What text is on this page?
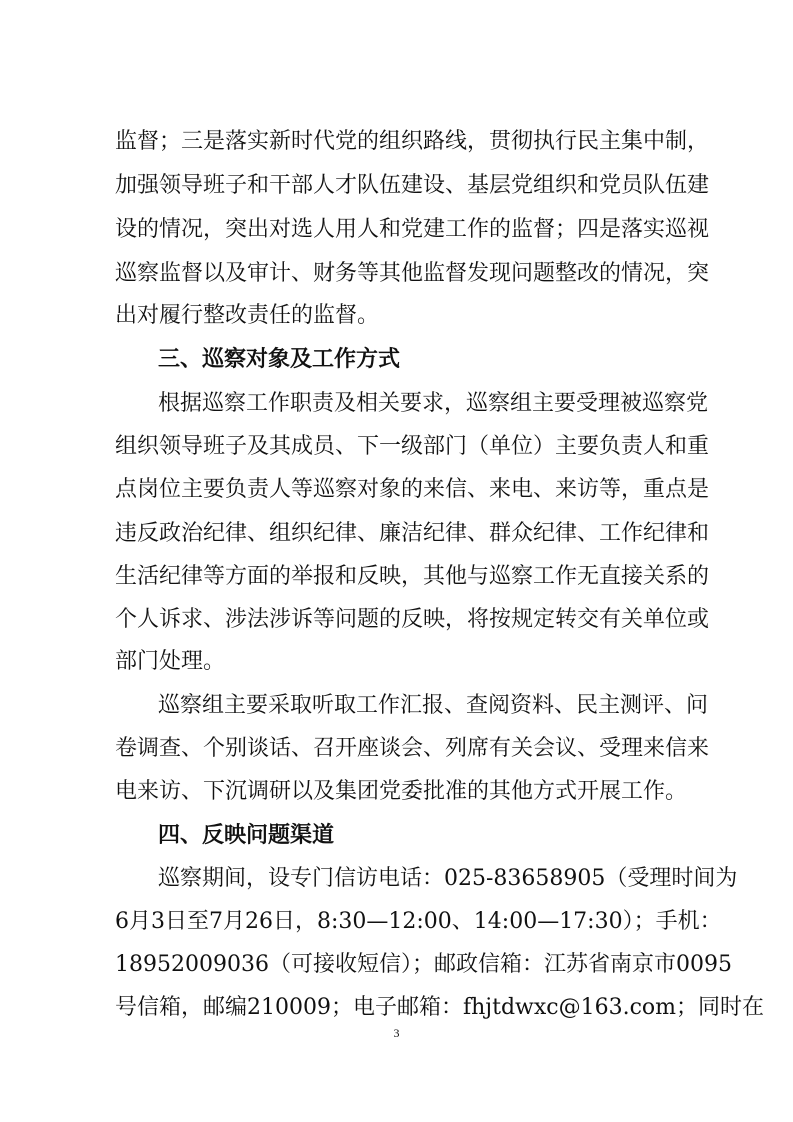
监督；三是落实新时代党的组织路线，贯彻执行民主集中制，
加强领导班子和干部人才队伍建设、基层党组织和党员队伍建
设的情况，突出对选人用人和党建工作的监督；四是落实巡视
巡察监督以及审计、财务等其他监督发现问题整改的情况，突
出对履行整改责任的监督。
三、巡察对象及工作方式
根据巡察工作职责及相关要求，巡察组主要受理被巡察党
组织领导班子及其成员、下一级部门（单位）主要负责人和重
点岗位主要负责人等巡察对象的来信、来电、来访等，重点是
违反政治纪律、组织纪律、廉洁纪律、群众纪律、工作纪律和
生活纪律等方面的举报和反映，其他与巡察工作无直接关系的
个人诉求、涉法涉诉等问题的反映，将按规定转交有关单位或
部门处理。
巡察组主要采取听取工作汇报、查阅资料、民主测评、问
卷调查、个别谈话、召开座谈会、列席有关会议、受理来信来
电来访、下沉调研以及集团党委批准的其他方式开展工作。
四、反映问题渠道
巡察期间，设专门信访电话：025-83658905（受理时间为
6月3日至7月26日，8:30—12:00、14:00—17:30）；手机：
18952009036（可接收短信）；邮政信箱：江苏省南京市0095
号信箱，邮编210009；电子邮箱：fhjtdwxc@163.com；同时在
3
